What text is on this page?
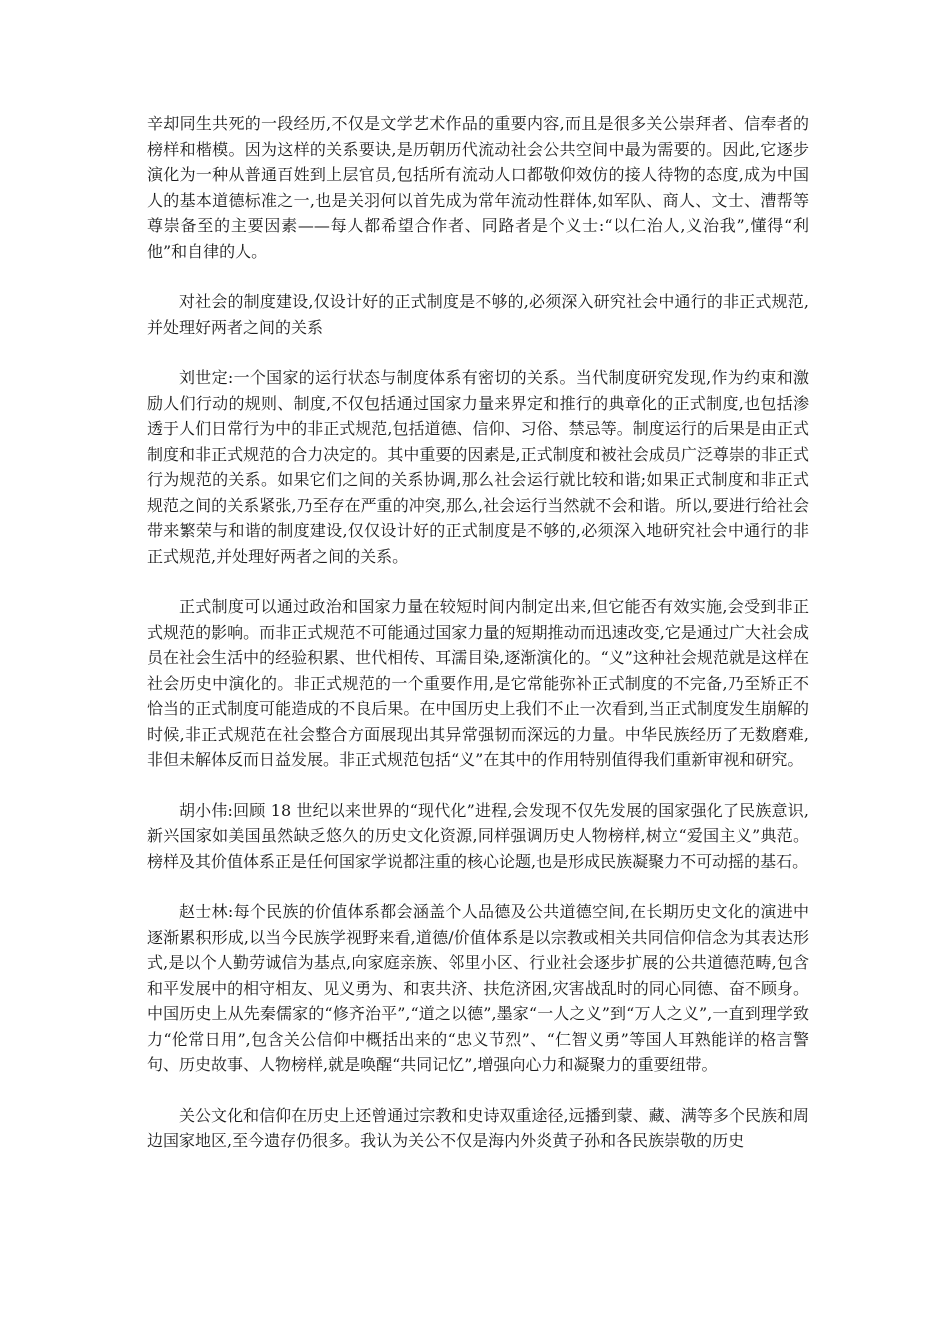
辛却同生共死的一段经历,不仅是文学艺术作品的重要内容,而且是很多关公崇拜者、信奉者的榜样和楷模。因为这样的关系要诀,是历朝历代流动社会公共空间中最为需要的。因此,它逐步演化为一种从普通百姓到上层官员,包括所有流动人口都敬仰效仿的接人待物的态度,成为中国人的基本道德标准之一,也是关羽何以首先成为常年流动性群体,如军队、商人、文士、漕帮等尊崇备至的主要因素——每人都希望合作者、同路者是个义士:“以仁治人,义治我”,懂得“利他”和自律的人。

对社会的制度建设,仅设计好的正式制度是不够的,必须深入研究社会中通行的非正式规范,并处理好两者之间的关系

刘世定:一个国家的运行状态与制度体系有密切的关系。当代制度研究发现,作为约束和激励人们行动的规则、制度,不仅包括通过国家力量来界定和推行的典章化的正式制度,也包括渗透于人们日常行为中的非正式规范,包括道德、信仰、习俗、禁忌等。制度运行的后果是由正式制度和非正式规范的合力决定的。其中重要的因素是,正式制度和被社会成员广泛尊崇的非正式行为规范的关系。如果它们之间的关系协调,那么社会运行就比较和谐;如果正式制度和非正式规范之间的关系紧张,乃至存在严重的冲突,那么,社会运行当然就不会和谐。所以,要进行给社会带来繁荣与和谐的制度建设,仅仅设计好的正式制度是不够的,必须深入地研究社会中通行的非正式规范,并处理好两者之间的关系。

正式制度可以通过政治和国家力量在较短时间内制定出来,但它能否有效实施,会受到非正式规范的影响。而非正式规范不可能通过国家力量的短期推动而迅速改变,它是通过广大社会成员在社会生活中的经验积累、世代相传、耳濡目染,逐渐演化的。“义”这种社会规范就是这样在社会历史中演化的。非正式规范的一个重要作用,是它常能弥补正式制度的不完备,乃至矫正不恰当的正式制度可能造成的不良后果。在中国历史上我们不止一次看到,当正式制度发生崩解的时候,非正式规范在社会整合方面展现出其异常强韧而深远的力量。中华民族经历了无数磨难,非但未解体反而日益发展。非正式规范包括“义”在其中的作用特别值得我们重新审视和研究。

胡小伟:回顾 18 世纪以来世界的“现代化”进程,会发现不仅先发展的国家强化了民族意识,新兴国家如美国虽然缺乏悠久的历史文化资源,同样强调历史人物榜样,树立“爱国主义”典范。榜样及其价值体系正是任何国家学说都注重的核心论题,也是形成民族凝聚力不可动摇的基石。

赵士林:每个民族的价值体系都会涵盖个人品德及公共道德空间,在长期历史文化的演进中逐渐累积形成,以当今民族学视野来看,道德/价值体系是以宗教或相关共同信仰信念为其表达形式,是以个人勤劳诚信为基点,向家庭亲族、邻里小区、行业社会逐步扩展的公共道德范畴,包含和平发展中的相守相友、见义勇为、和衷共济、扶危济困,灾害战乱时的同心同德、奋不顾身。中国历史上从先秦儒家的“修齐治平”,“道之以德”,墨家“一人之义”到“万人之义”,一直到理学致力“伦常日用”,包含关公信仰中概括出来的“忠义节烈”、“仁智义勇”等国人耳熟能详的格言警句、历史故事、人物榜样,就是唤醒“共同记忆”,增强向心力和凝聚力的重要纽带。

关公文化和信仰在历史上还曾通过宗教和史诗双重途径,远播到蒙、藏、满等多个民族和周边国家地区,至今遗存仍很多。我认为关公不仅是海内外炎黄子孙和各民族崇敬的历史
